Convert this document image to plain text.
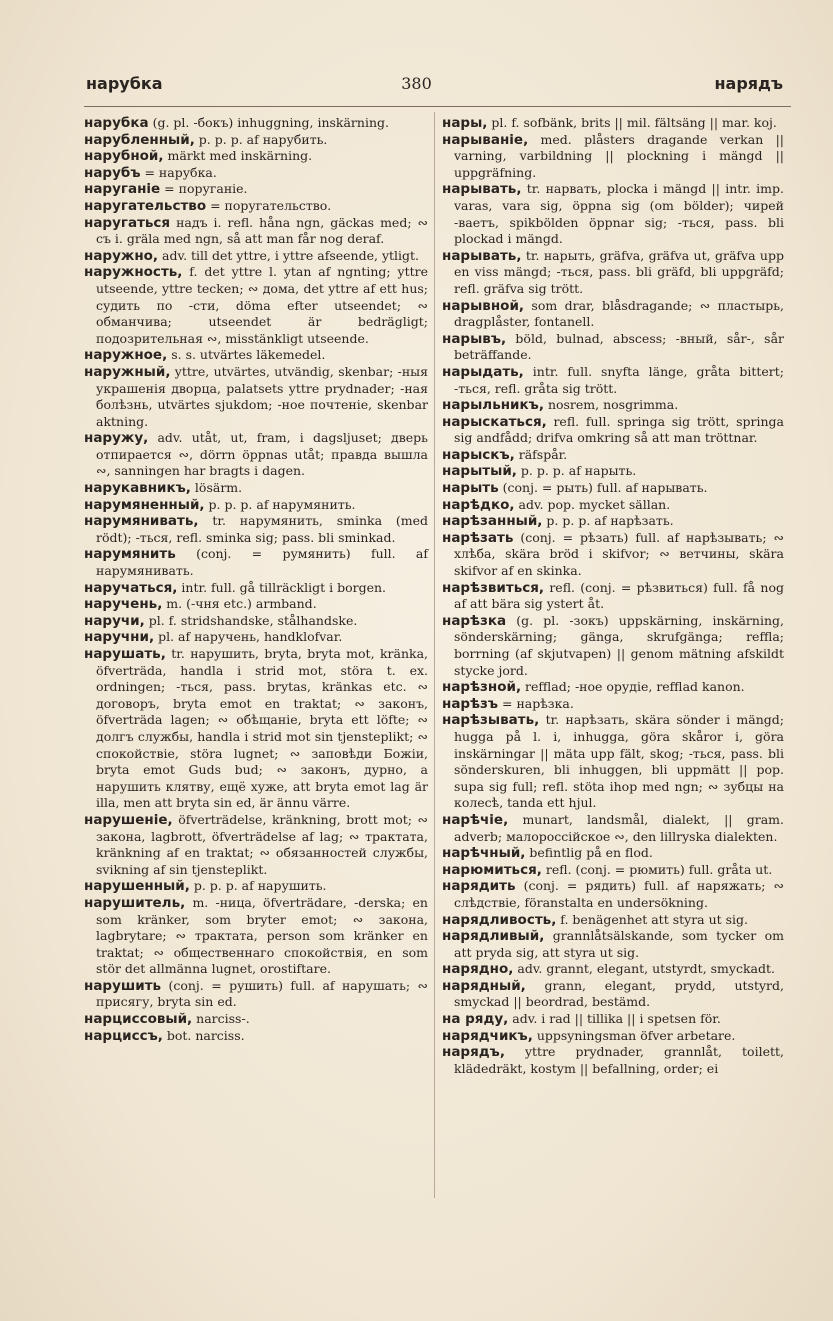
нарубка	380	нарядъ

нарубка (g. pl. -бокъ) inhuggning, inskärning.

нарубленный, p. p. p. af нарубить.

нарубной, märkt med inskärning.

нарубъ = нарубка.

наруганіе = поруганіе.

наругательство = поругательство.

наругаться надъ i. refl. håna ngn, gäckas med; ∾ съ i. gräla med ngn, så att man får nog deraf.

наружно, adv. till det yttre, i yttre afseende, ytligt.

наружность, f. det yttre l. ytan af ngnting; yttre utseende, yttre tecken; ∾ дома, det yttre af ett hus; судить по -сти, döma efter utseendet; ∾ обманчива; utseendet är bedrägligt; подозрительная ∾, misstänkligt utseende.

наружное, s. s. utvärtes läkemedel.

наружный, yttre, utvärtes, utvändig, skenbar; -ныя украшенія дворца, palatsets yttre prydnader; -ная болѣзнь, utvärtes sjukdom; -ное почтеніе, skenbar aktning.

наружу, adv. utåt, ut, fram, i dagsljuset; дверь отпирается ∾, dörrn öppnas utåt; правда вышла ∾, sanningen har bragts i dagen.

нарукавникъ, lösärm.

нарумяненный, p. p. p. af нарумянить.

нарумянивать, tr. нарумянить, sminka (med rödt); -ться, refl. sminka sig; pass. bli sminkad.

нарумянить (conj. = румянить) full. af нарумянивать.

наручаться, intr. full. gå tillräckligt i borgen.

наручень, m. (-чня etc.) armband.

наручи, pl. f. stridshandske, stålhandske.

наручни, pl. af наручень, handklofvar.

нарушать, tr. нарушить, bryta, bryta mot, kränka, öfverträda, handla i strid mot, störa t. ex. ordningen; -ться, pass. brytas, kränkas etc. ∾ договоръ, bryta emot en traktat; ∾ законъ, öfverträda lagen; ∾ обѣщаніе, bryta ett löfte; ∾ долгъ службы, handla i strid mot sin tjensteplikt; ∾ спокойствіе, störa lugnet; ∾ заповѣди Божіи, bryta emot Guds bud; ∾ законъ, дурно, а нарушить клятву, ещё хуже, att bryta emot lag är illa, men att bryta sin ed, är ännu värre.

нарушеніе, öfverträdelse, kränkning, brott mot; ∾ закона, lagbrott, öfverträdelse af lag; ∾ трактата, kränkning af en traktat; ∾ обязанностей службы, svikning af sin tjensteplikt.

нарушенный, p. p. p. af нарушить.

нарушитель, m. -ница, öfverträdare, -derska; en som kränker, som bryter emot; ∾ закона, lagbrytare; ∾ трактата, person som kränker en traktat; ∾ общественнаго спокойствія, en som stör det allmänna lugnet, orostiftare.

нарушить (conj. = рушить) full. af нарушать; ∾ присягу, bryta sin ed.

нарциссовый, narciss-.

нарциссъ, bot. narciss.

нары, pl. f. sofbänk, brits || mil. fältsäng || mar. koj.

нарываніе, med. plåsters dragande verkan || varning, varbildning || plockning i mängd || uppgräfning.

нарывать, tr. нарвать, plocka i mängd || intr. imp. varas, vara sig, öppna sig (om bölder); чирей -ваетъ, spikbölden öppnar sig; -ться, pass. bli plockad i mängd.

нарывать, tr. нарыть, gräfva, gräfva ut, gräfva upp en viss mängd; -ться, pass. bli gräfd, bli uppgräfd; refl. gräfva sig trött.

нарывной, som drar, blåsdragande; ∾ пластырь, dragplåster, fontanell.

нарывъ, böld, bulnad, abscess; -вный, sår-, sår beträffande.

нарыдать, intr. full. snyfta länge, gråta bittert; -ться, refl. gråta sig trött.

нарыльникъ, nosrem, nosgrimma.

нарыскаться, refl. full. springa sig trött, springa sig andfådd; drifva omkring så att man tröttnar.

нарыскъ, räfspår.

нарытый, p. p. p. af нарыть.

нарыть (conj. = рыть) full. af нарывать.

нарѣдко, adv. pop. mycket sällan.

нарѣзанный, p. p. p. af нарѣзать.

нарѣзать (conj. = рѣзать) full. af нарѣзывать; ∾ хлѣба, skära bröd i skifvor; ∾ ветчины, skära skifvor af en skinka.

нарѣзвиться, refl. (conj. = рѣзвиться) full. få nog af att bära sig ystert åt.

нарѣзка (g. pl. -зокъ) uppskärning, inskärning, sönderskärning; gänga, skrufgänga; reffla; borrning (af skjutvapen) || genom mätning afskildt stycke jord.

нарѣзной, refflad; -ное орудіе, refflad kanon.

нарѣзъ = нарѣзка.

нарѣзывать, tr. нарѣзать, skära sönder i mängd; hugga på l. i, inhugga, göra skåror i, göra inskärningar || mäta upp fält, skog; -ться, pass. bli sönderskuren, bli inhuggen, bli uppmätt || pop. supa sig full; refl. stöta ihop med ngn; ∾ зубцы на колесѣ, tanda ett hjul.

нарѣчіе, munart, landsmål, dialekt, || gram. adverb; малороссійское ∾, den lillryska dialekten.

нарѣчный, befintlig på en flod.

нарюмиться, refl. (conj. = рюмить) full. gråta ut.

нарядить (conj. = рядить) full. af наряжать; ∾ слѣдствіе, föranstalta en undersökning.

нарядливость, f. benägenhet att styra ut sig.

нарядливый, grannlåtsälskande, som tycker om att pryda sig, att styra ut sig.

нарядно, adv. grannt, elegant, utstyrdt, smyckadt.

нарядный, grann, elegant, prydd, utstyrd, smyckad || beordrad, bestämd.

на ряду, adv. i rad || tillika || i spetsen för.

нарядчикъ, uppsyningsman öfver arbetare.

нарядъ, yttre prydnader, grannlåt, toilett, klädedräkt, kostym || befallning, order; ei
